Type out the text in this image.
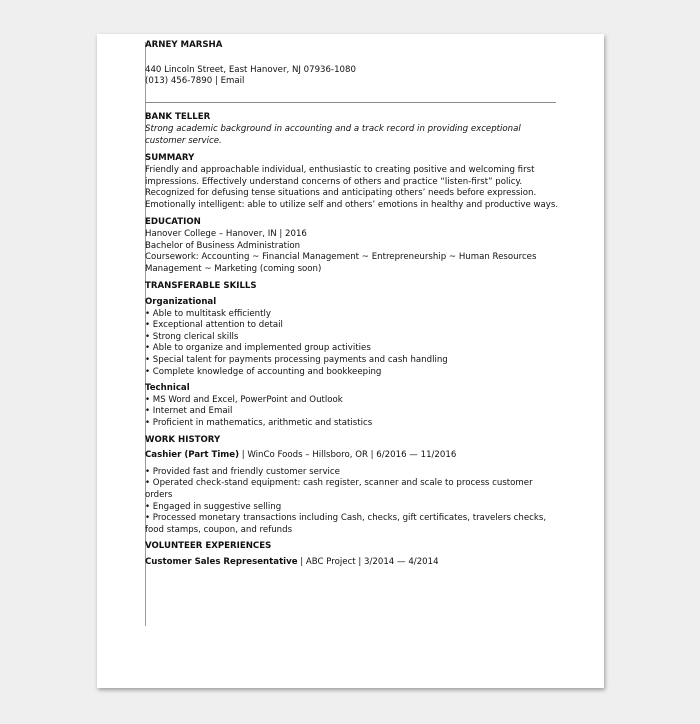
ARNEY MARSHA
440 Lincoln Street, East Hanover, NJ 07936-1080
(013) 456-7890 | Email
BANK TELLER
Strong academic background in accounting and a track record in providing exceptional
customer service.
SUMMARY
Friendly and approachable individual, enthusiastic to creating positive and welcoming first
impressions. Effectively understand concerns of others and practice “listen-first” policy.
Recognized for defusing tense situations and anticipating others’ needs before expression.
Emotionally intelligent: able to utilize self and others’ emotions in healthy and productive ways.
EDUCATION
Hanover College – Hanover, IN | 2016
Bachelor of Business Administration
Coursework: Accounting ~ Financial Management ~ Entrepreneurship ~ Human Resources
Management ~ Marketing (coming soon)
TRANSFERABLE SKILLS
Organizational
• Able to multitask efficiently
• Exceptional attention to detail
• Strong clerical skills
• Able to organize and implemented group activities
• Special talent for payments processing payments and cash handling
• Complete knowledge of accounting and bookkeeping
Technical
• MS Word and Excel, PowerPoint and Outlook
• Internet and Email
• Proficient in mathematics, arithmetic and statistics
WORK HISTORY
Cashier (Part Time) | WinCo Foods – Hillsboro, OR | 6/2016 — 11/2016
• Provided fast and friendly customer service
• Operated check-stand equipment: cash register, scanner and scale to process customer
orders
• Engaged in suggestive selling
• Processed monetary transactions including Cash, checks, gift certificates, travelers checks,
food stamps, coupon, and refunds
VOLUNTEER EXPERIENCES
Customer Sales Representative | ABC Project | 3/2014 — 4/2014
